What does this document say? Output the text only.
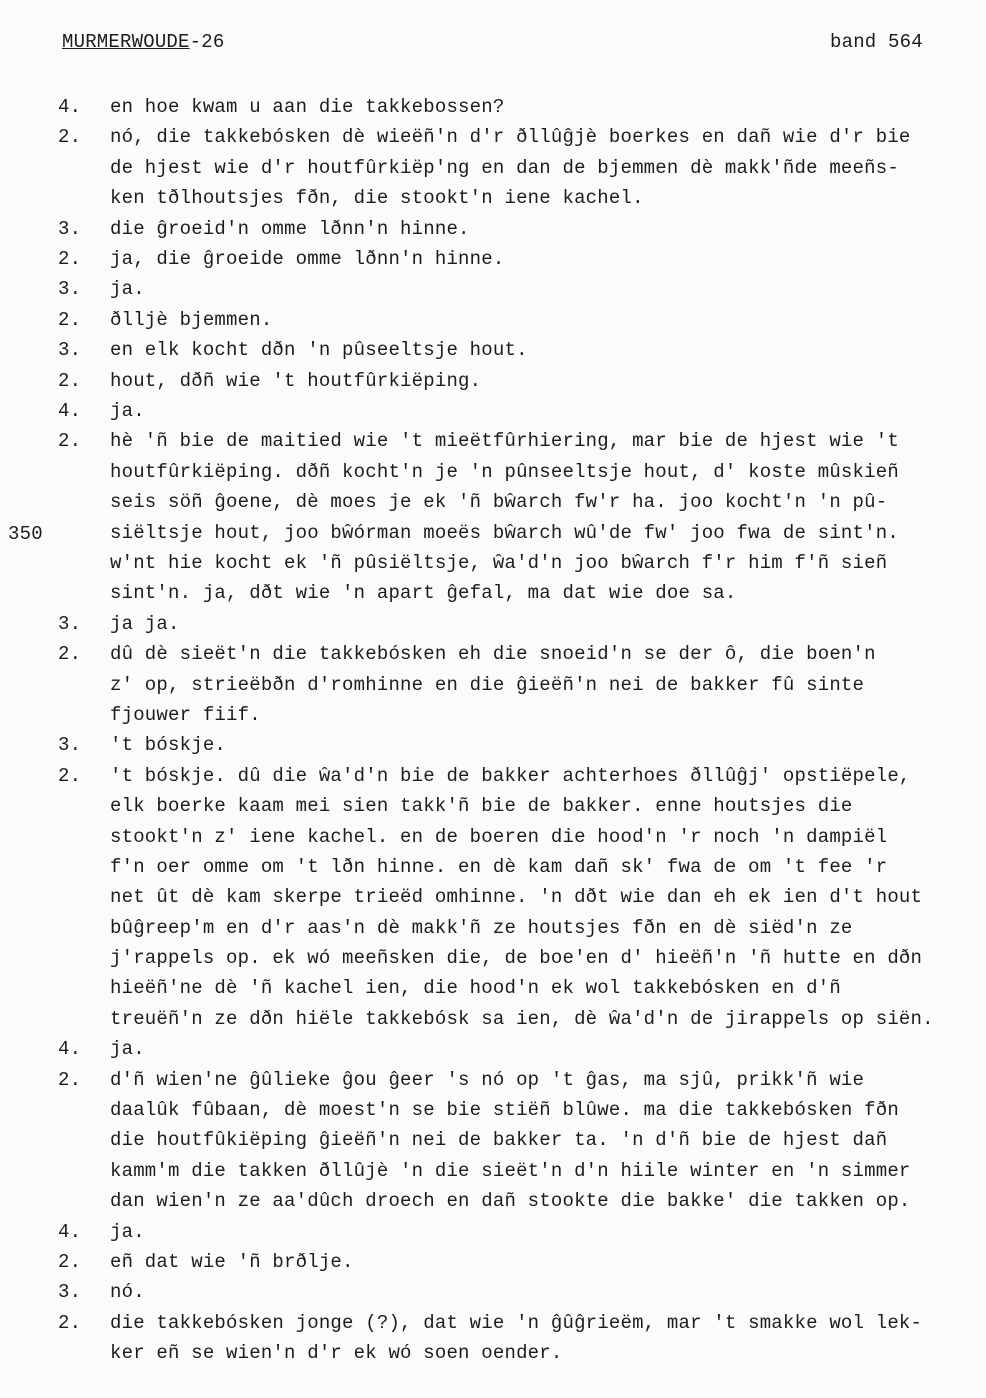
MURMERWOUDE-26	band 564
350
4.	en hoe kwam u aan die takkebossen?
2.	nó, die takkebósken dè wieëñ'n d'r ðllûĝjè boerkes en dañ wie d'r bie
de hjest wie d'r houtfûrkiëp'ng en dan de bjemmen dè makk'ñde meeñs-
ken tðlhoutsjes fðn, die stookt'n iene kachel.
3.	die ĝroeid'n omme lðnn'n hinne.
2.	ja, die ĝroeide omme lðnn'n hinne.
3.	ja.
2.	ðlljè bjemmen.
3.	en elk kocht dðn 'n pûseeltsje hout.
2.	hout, dðñ wie 't houtfûrkiëping.
4.	ja.
2.	hè 'ñ bie de maitied wie 't mieëtfûrhiering, mar bie de hjest wie 't
houtfûrkiëping. dðñ kocht'n je 'n pûnseeltsje hout, d' koste mûskieñ
seis söñ ĝoene, dè moes je ek 'ñ bŵarch fw'r ha. joo kocht'n 'n pû-
siëltsje hout, joo bŵórman moeës bŵarch wû'de fw' joo fwa de sint'n.
w'nt hie kocht ek 'ñ pûsiëltsje, ŵa'd'n joo bŵarch f'r him f'ñ sieñ
sint'n. ja, dðt wie 'n apart ĝefal, ma dat wie doe sa.
3.	ja ja.
2.	dû dè sieët'n die takkebósken eh die snoeid'n se der ô, die boen'n
z' op, strieëbðn d'romhinne en die ĝieëñ'n nei de bakker fû sinte
fjouwer fiif.
3.	't bóskje.
2.	't bóskje. dû die ŵa'd'n bie de bakker achterhoes ðllûĝj' opstiëpele,
elk boerke kaam mei sien takk'ñ bie de bakker. enne houtsjes die
stookt'n z' iene kachel. en de boeren die hood'n 'r noch 'n dampiël
f'n oer omme om 't lðn hinne. en dè kam dañ sk' fwa de om 't fee 'r
net ût dè kam skerpe trieëd omhinne. 'n dðt wie dan eh ek ien d't hout
bûĝreep'm en d'r aas'n dè makk'ñ ze houtsjes fðn en dè siëd'n ze
j'rappels op. ek wó meeñsken die, de boe'en d' hieëñ'n 'ñ hutte en dðn
hieëñ'ne dè 'ñ kachel ien, die hood'n ek wol takkebósken en d'ñ
treuëñ'n ze dðn hiële takkebósk sa ien, dè ŵa'd'n de jirappels op siën.
4.	ja.
2.	d'ñ wien'ne ĝûlieke ĝou ĝeer 's nó op 't ĝas, ma sjû, prikk'ñ wie
daalûk fûbaan, dè moest'n se bie stiëñ blûwe. ma die takkebósken fðn
die houtfûkiëping ĝieëñ'n nei de bakker ta. 'n d'ñ bie de hjest dañ
kamm'm die takken ðllûjè 'n die sieët'n d'n hiile winter en 'n simmer
dan wien'n ze aa'dûch droech en dañ stookte die bakke' die takken op.
4.	ja.
2.	eñ dat wie 'ñ brðlje.
3.	nó.
2.	die takkebósken jonge (?), dat wie 'n ĝûĝrieëm, mar 't smakke wol lek-
ker eñ se wien'n d'r ek wó soen oender.
